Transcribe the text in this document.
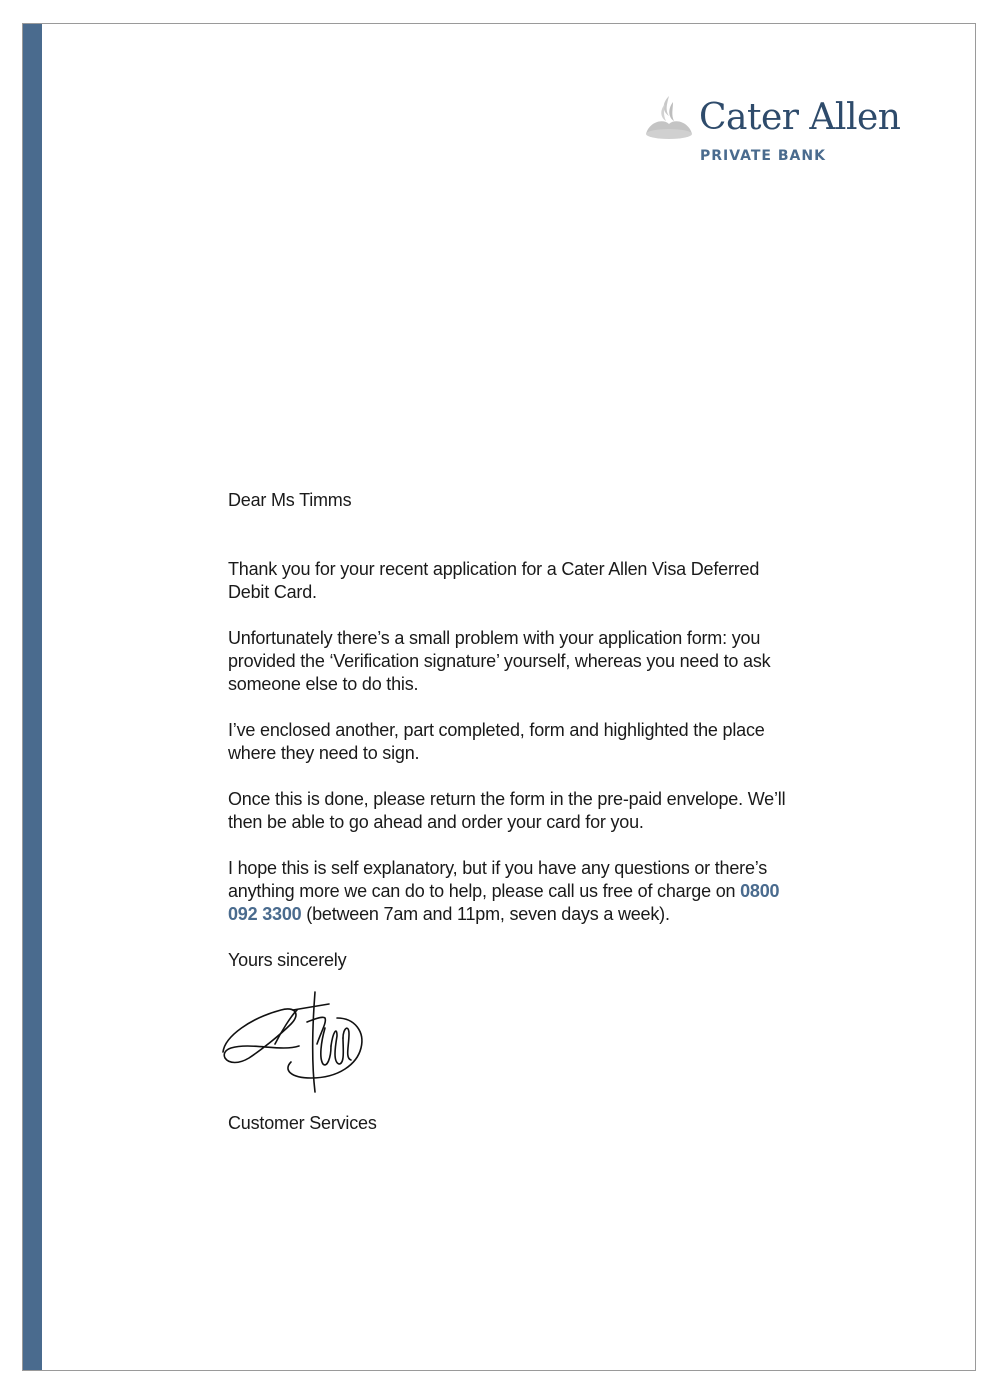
Cater Allen
PRIVATE BANK

Dear Ms Timms

Thank you for your recent application for a Cater Allen Visa Deferred Debit Card.

Unfortunately there’s a small problem with your application form: you provided the ‘Verification signature’ yourself, whereas you need to ask someone else to do this.

I’ve enclosed another, part completed, form and highlighted the place where they need to sign.

Once this is done, please return the form in the pre-paid envelope. We’ll then be able to go ahead and order your card for you.

I hope this is self explanatory, but if you have any questions or there’s anything more we can do to help, please call us free of charge on 0800 092 3300 (between 7am and 11pm, seven days a week).

Yours sincerely

Customer Services
